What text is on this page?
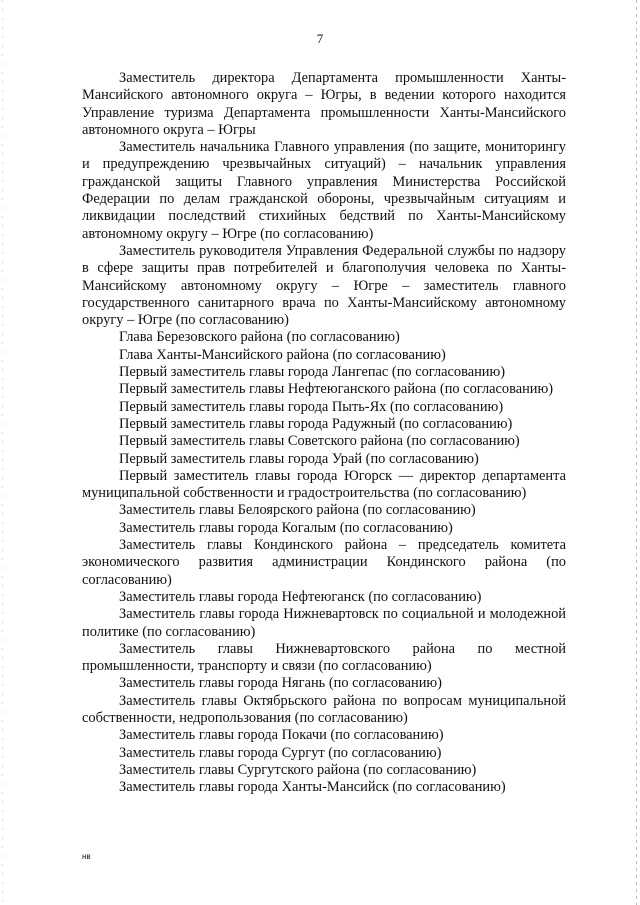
7

Заместитель директора Департамента промышленности Ханты-Мансийского автономного округа – Югры, в ведении которого находится Управление туризма Департамента промышленности Ханты-Мансийского автономного округа – Югры

Заместитель начальника Главного управления (по защите, мониторингу и предупреждению чрезвычайных ситуаций) – начальник управления гражданской защиты Главного управления Министерства Российской Федерации по делам гражданской обороны, чрезвычайным ситуациям и ликвидации последствий стихийных бедствий по Ханты-Мансийскому автономному округу – Югре (по согласованию)

Заместитель руководителя Управления Федеральной службы по надзору в сфере защиты прав потребителей и благополучия человека по Ханты-Мансийскому автономному округу – Югре – заместитель главного государственного санитарного врача по Ханты-Мансийскому автономному округу – Югре (по согласованию)

Глава Березовского района (по согласованию)

Глава Ханты-Мансийского района (по согласованию)

Первый заместитель главы города Лангепас (по согласованию)

Первый заместитель главы Нефтеюганского района (по согласованию)

Первый заместитель главы города Пыть-Ях (по согласованию)

Первый заместитель главы города Радужный (по согласованию)

Первый заместитель главы Советского района (по согласованию)

Первый заместитель главы города Урай (по согласованию)

Первый заместитель главы города Югорск — директор департамента муниципальной собственности и градостроительства (по согласованию)

Заместитель главы Белоярского района (по согласованию)

Заместитель главы города Когалым (по согласованию)

Заместитель главы Кондинского района – председатель комитета экономического развития администрации Кондинского района (по согласованию)

Заместитель главы города Нефтеюганск (по согласованию)

Заместитель главы города Нижневартовск по социальной и молодежной политике (по согласованию)

Заместитель главы Нижневартовского района по местной промышленности, транспорту и связи (по согласованию)

Заместитель главы города Нягань (по согласованию)

Заместитель главы Октябрьского района по вопросам муниципальной собственности, недропользования (по согласованию)

Заместитель главы города Покачи (по согласованию)

Заместитель главы города Сургут (по согласованию)

Заместитель главы Сургутского района (по согласованию)

Заместитель главы города Ханты-Мансийск (по согласованию)

нв
